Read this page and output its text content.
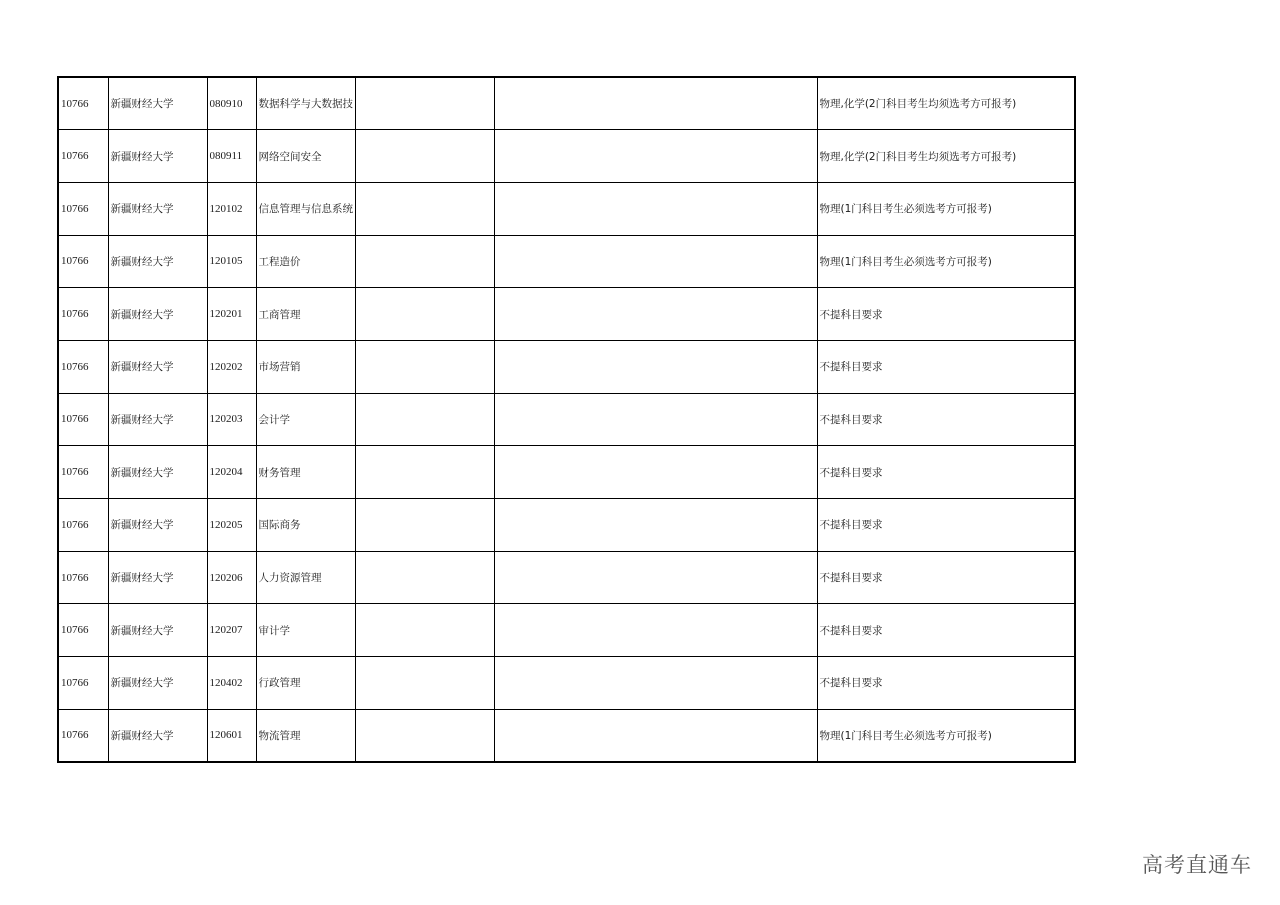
10766	新疆财经大学	080910	数据科学与大数据技			物理,化学(2门科目考生均须选考方可报考)
10766	新疆财经大学	080911	网络空间安全			物理,化学(2门科目考生均须选考方可报考)
10766	新疆财经大学	120102	信息管理与信息系统			物理(1门科目考生必须选考方可报考)
10766	新疆财经大学	120105	工程造价			物理(1门科目考生必须选考方可报考)
10766	新疆财经大学	120201	工商管理			不提科目要求
10766	新疆财经大学	120202	市场营销			不提科目要求
10766	新疆财经大学	120203	会计学			不提科目要求
10766	新疆财经大学	120204	财务管理			不提科目要求
10766	新疆财经大学	120205	国际商务			不提科目要求
10766	新疆财经大学	120206	人力资源管理			不提科目要求
10766	新疆财经大学	120207	审计学			不提科目要求
10766	新疆财经大学	120402	行政管理			不提科目要求
10766	新疆财经大学	120601	物流管理			物理(1门科目考生必须选考方可报考)
高考直通车
